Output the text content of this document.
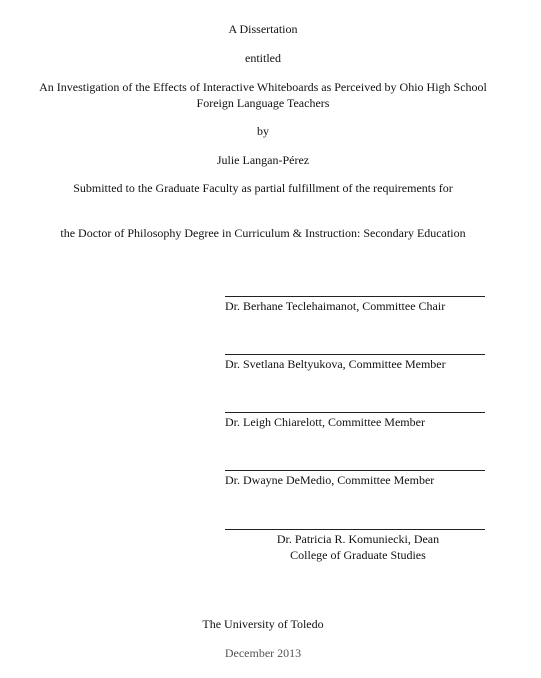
A Dissertation
entitled
An Investigation of the Effects of Interactive Whiteboards as Perceived by Ohio High School Foreign Language Teachers
by
Julie Langan-Pérez
Submitted to the Graduate Faculty as partial fulfillment of the requirements for
the Doctor of Philosophy Degree in Curriculum & Instruction: Secondary Education
Dr. Berhane Teclehaimanot, Committee Chair
Dr. Svetlana Beltyukova, Committee Member
Dr. Leigh Chiarelott, Committee Member
Dr. Dwayne DeMedio, Committee Member
Dr. Patricia R. Komuniecki, Dean
College of Graduate Studies
The University of Toledo
December 2013
